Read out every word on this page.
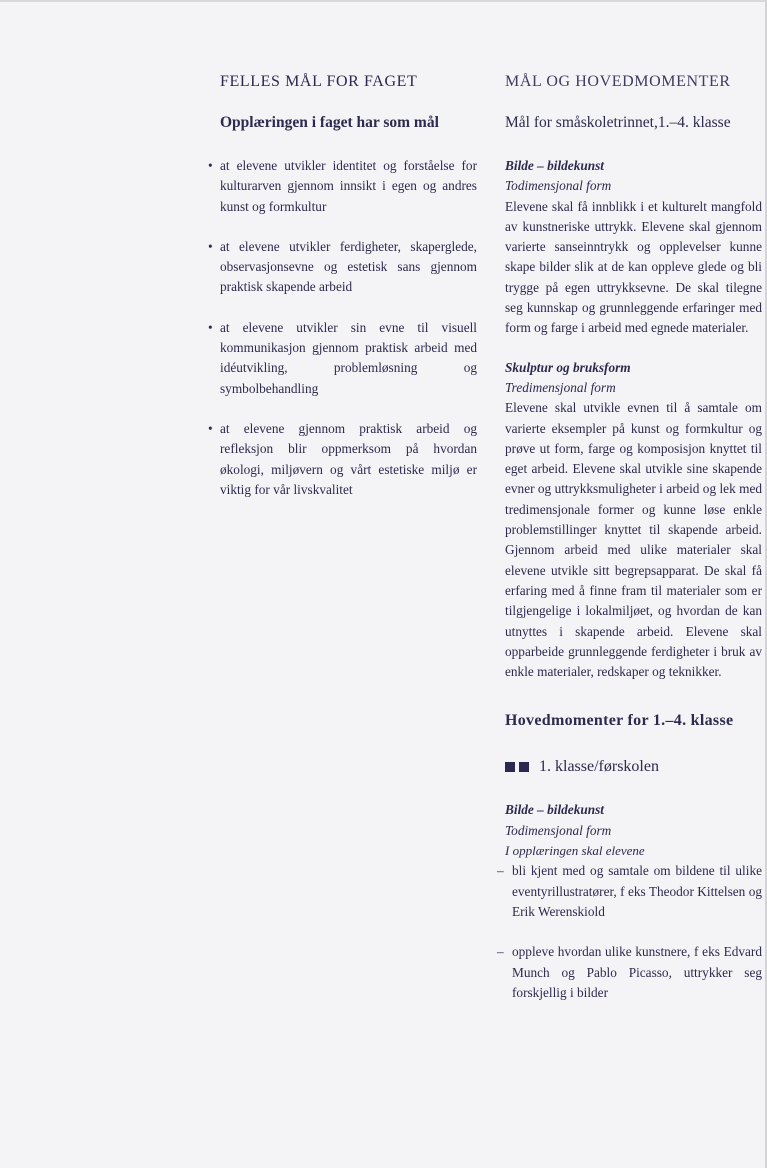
FELLES MÅL FOR FAGET
Opplæringen i faget har som mål
• at elevene utvikler identitet og forståelse for kulturarven gjennom innsikt i egen og andres kunst og formkultur
• at elevene utvikler ferdigheter, skaperglede, observasjonsevne og estetisk sans gjennom praktisk skapende arbeid
• at elevene utvikler sin evne til visuell kommunikasjon gjennom praktisk arbeid med idéutvikling, problemløsning og symbolbehandling
• at elevene gjennom praktisk arbeid og refleksjon blir oppmerksom på hvordan økologi, miljøvern og vårt estetiske miljø er viktig for vår livskvalitet
MÅL OG HOVEDMOMENTER
Mål for småskoletrinnet,1.–4. klasse
Bilde – bildekunst
Todimensjonal form

Elevene skal få innblikk i et kulturelt mangfold av kunstneriske uttrykk. Elevene skal gjennom varierte sanseinntrykk og opplevelser kunne skape bilder slik at de kan oppleve glede og bli trygge på egen uttrykksevne. De skal tilegne seg kunnskap og grunnleggende erfaringer med form og farge i arbeid med egnede materialer.

Skulptur og bruksform
Tredimensjonal form

Elevene skal utvikle evnen til å samtale om varierte eksempler på kunst og formkultur og prøve ut form, farge og komposisjon knyttet til eget arbeid. Elevene skal utvikle sine skapende evner og uttrykksmuligheter i arbeid og lek med tredimensjonale former og kunne løse enkle problemstillinger knyttet til skapende arbeid. Gjennom arbeid med ulike materialer skal elevene utvikle sitt begrepsapparat. De skal få erfaring med å finne fram til materialer som er tilgjengelige i lokalmiljøet, og hvordan de kan utnyttes i skapende arbeid. Elevene skal opparbeide grunnleggende ferdigheter i bruk av enkle materialer, redskaper og teknikker.

Hovedmomenter for 1.–4. klasse
1. klasse/førskolen
Bilde – bildekunst
Todimensjonal form
I opplæringen skal elevene
– bli kjent med og samtale om bildene til ulike eventyrillustratører, f eks Theodor Kittelsen og Erik Werenskiold
– oppleve hvordan ulike kunstnere, f eks Edvard Munch og Pablo Picasso, uttrykker seg forskjellig i bilder
